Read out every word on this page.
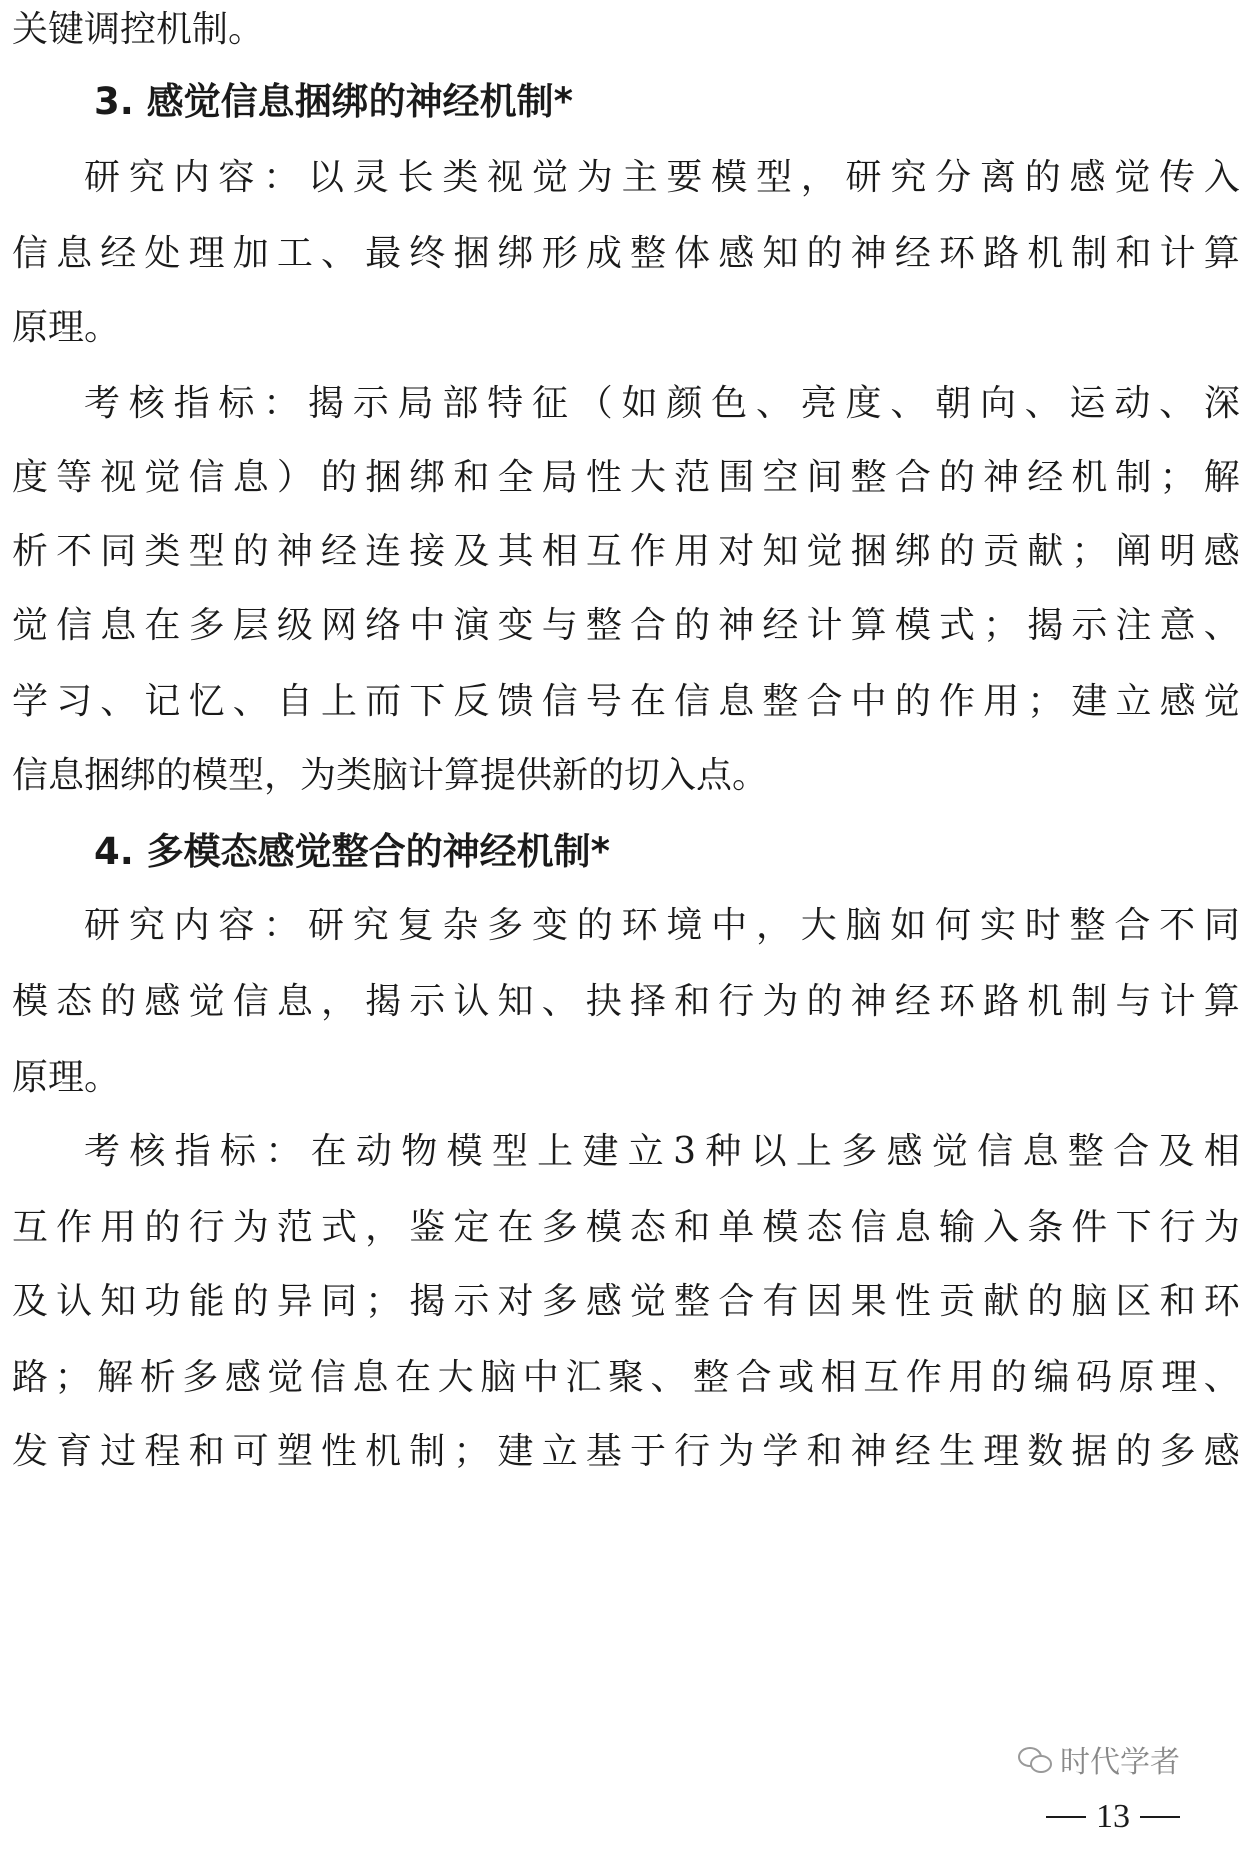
关键调控机制。
3. 感觉信息捆绑的神经机制*
研 究 内 容 ： 以 灵 长 类 视 觉 为 主 要 模 型 ， 研 究 分 离 的 感 觉 传 入
信 息 经 处 理 加 工 、 最 终 捆 绑 形 成 整 体 感 知 的 神 经 环 路 机 制 和 计 算
原理。
考 核 指 标 ： 揭 示 局 部 特 征 （ 如 颜 色 、 亮 度 、 朝 向 、 运 动 、 深
度 等 视 觉 信 息 ） 的 捆 绑 和 全 局 性 大 范 围 空 间 整 合 的 神 经 机 制 ； 解
析 不 同 类 型 的 神 经 连 接 及 其 相 互 作 用 对 知 觉 捆 绑 的 贡 献 ； 阐 明 感
觉 信 息 在 多 层 级 网 络 中 演 变 与 整 合 的 神 经 计 算 模 式 ； 揭 示 注 意 、
学 习 、 记 忆 、 自 上 而 下 反 馈 信 号 在 信 息 整 合 中 的 作 用 ； 建 立 感 觉
信息捆绑的模型，为类脑计算提供新的切入点。
4. 多模态感觉整合的神经机制*
研 究 内 容 ： 研 究 复 杂 多 变 的 环 境 中 ， 大 脑 如 何 实 时 整 合 不 同
模 态 的 感 觉 信 息 ， 揭 示 认 知 、 抉 择 和 行 为 的 神 经 环 路 机 制 与 计 算
原理。
考 核 指 标 ： 在 动 物 模 型 上 建 立 3 种 以 上 多 感 觉 信 息 整 合 及 相
互 作 用 的 行 为 范 式 ， 鉴 定 在 多 模 态 和 单 模 态 信 息 输 入 条 件 下 行 为
及 认 知 功 能 的 异 同 ； 揭 示 对 多 感 觉 整 合 有 因 果 性 贡 献 的 脑 区 和 环
路 ； 解 析 多 感 觉 信 息 在 大 脑 中 汇 聚 、 整 合 或 相 互 作 用 的 编 码 原 理 、
发 育 过 程 和 可 塑 性 机 制 ； 建 立 基 于 行 为 学 和 神 经 生 理 数 据 的 多 感
时代学者
13
